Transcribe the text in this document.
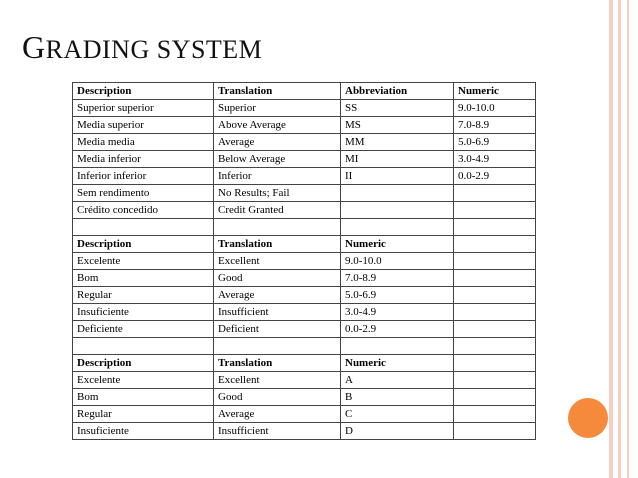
GRADING SYSTEM
Description	Translation	Abbreviation	Numeric
Superior superior	Superior	SS	9.0-10.0
Media superior	Above Average	MS	7.0-8.9
Media media	Average	MM	5.0-6.9
Media inferior	Below Average	MI	3.0-4.9
Inferior inferior	Inferior	II	0.0-2.9
Sem rendimento	No Results; Fail		
Crédito concedido	Credit Granted		

Description	Translation	Numeric	
Excelente	Excellent	9.0-10.0	
Bom	Good	7.0-8.9	
Regular	Average	5.0-6.9	
Insuficiente	Insufficient	3.0-4.9	
Deficiente	Deficient	0.0-2.9	

Description	Translation	Numeric	
Excelente	Excellent	A	
Bom	Good	B	
Regular	Average	C	
Insuficiente	Insufficient	D	
